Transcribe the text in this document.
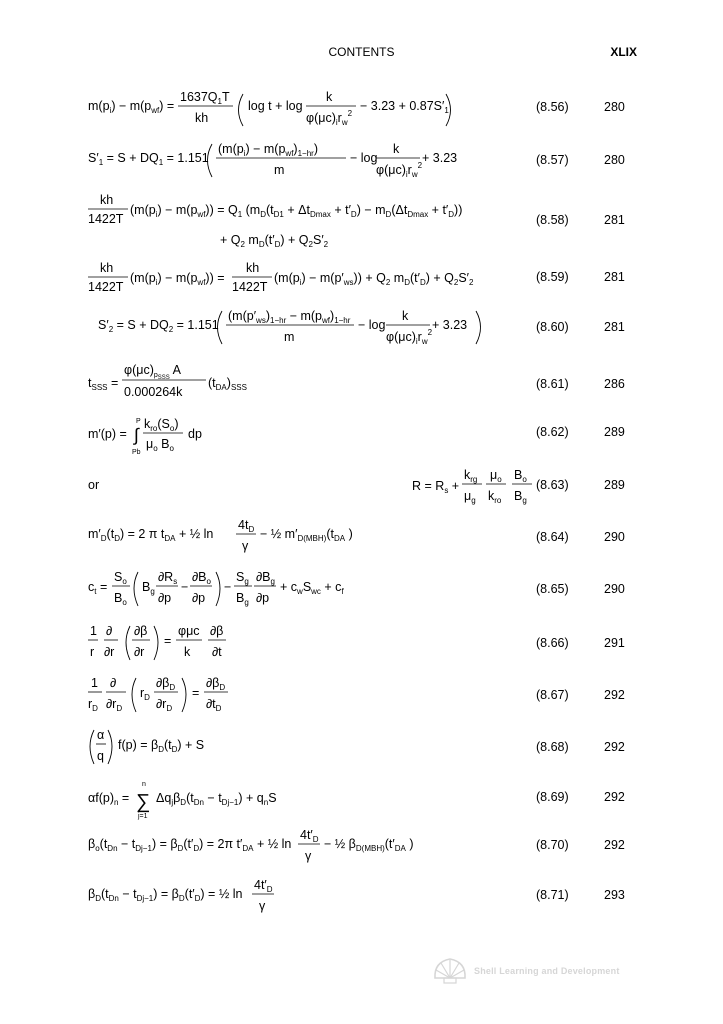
CONTENTS	XLIX
$m(p_i) - m(p_{wf})$ =
$1637Q_1T$
kh
log t + log
k
$\varphi(\mu c)_ir_w^2$
− $3.23 + 0.87S'_1$	(8.56)	280
$S'_1 = S + DQ_1 = 1.151$
$(m(p_i) - m(p_{wf})_{1-hr})$
m
− log
k
$\varphi(\mu c)_ir_w^2$
+ 3.23	(8.57)	280
kh
1422T
$(m(p_i) - m(p_{wf})) = Q_1$ $(m_D(t_{D1} + \Delta t_{Dmax} + t'_D) - m_D(\Delta t_{Dmax} + t'_D))$
+ $Q_2$ $m_D(t'_D) + Q_2S'_2$
(8.58)	281
kh
1422T
$(m(p_i) - m(p_{wf}))$ =
kh
1422T
$(m(p_i) - m(p'_{ws})) + Q_2$ $m_D(t'_D) + Q_2S'_2$	(8.59)	281
$S'_2 = S + DQ_2 = 1.151$
($m(p'_{ws})_{1-hr} - m(p_{wf})_{1-hr}$
m
− log
k
$\varphi(\mu c)_ir_w^2$
+ 3.23	(8.60)	281
$t_{SSS}$ =
$\varphi(\mu c)_pSSS$ A
0.000264k
$(t_{DA})_{SSS}$	(8.61)	286
m′(p) = ∫
P
Pb
$k_{ro}(S_o)$
$\mu_o$ $B_o$
dp	(8.62)	289
or	$R = R_s$ +
$k_{rg}$
$\mu_g$
$\mu_o$
$k_{ro}$
$B_o$
$B_g$
(8.63)	289
$m'_D(t_D) = 2$ π $t_{DA}$ + ½ ln
$4t_D$
γ
− ½ $m'_{D(MBH)}(t_{DA}$ )	(8.64)	290
$c_t$ =
$S_o$
$B_o$
$B_g$
$\partial R_s$
∂p
−
$\partial B_o$
∂p
−
$S_g$
$B_g$
$\partial B_g$
∂p
+ $c_wS_{wc} + c_f$	(8.65)	290
1
r
∂
∂r
∂β
∂r
=
φμc
k
∂β
∂t
(8.66)	291
1
$r_D$
∂
$\partial r_D$
$r_D$
$\partial\beta_D$
$\partial r_D$
=
$\partial\beta_D$
$\partial t_D$
(8.67)	292
α
q
$f(p) = \beta_D(t_D) + S$	(8.68)	292
$\alpha f(p)_n$ =
n
∑
j=1
$\Delta q_j\beta_D(t_{Dn} - t_{Dj-1}) + q_nS$	(8.69)	292
$\beta_o(t_{Dn} - t_{Dj-1}) = \beta_D(t'_D) = 2\pi$ $t'_{DA}$ + ½ ln
$4t'_D$
γ
− ½ $\beta_{D(MBH)}(t'_{DA}$ )	(8.70)	292
$\beta_D(t_{Dn} - t_{Dj-1}) = \beta_D(t'_D)$ = ½ ln
$4t'_D$
γ
(8.71)	293
Shell Learning and Development
